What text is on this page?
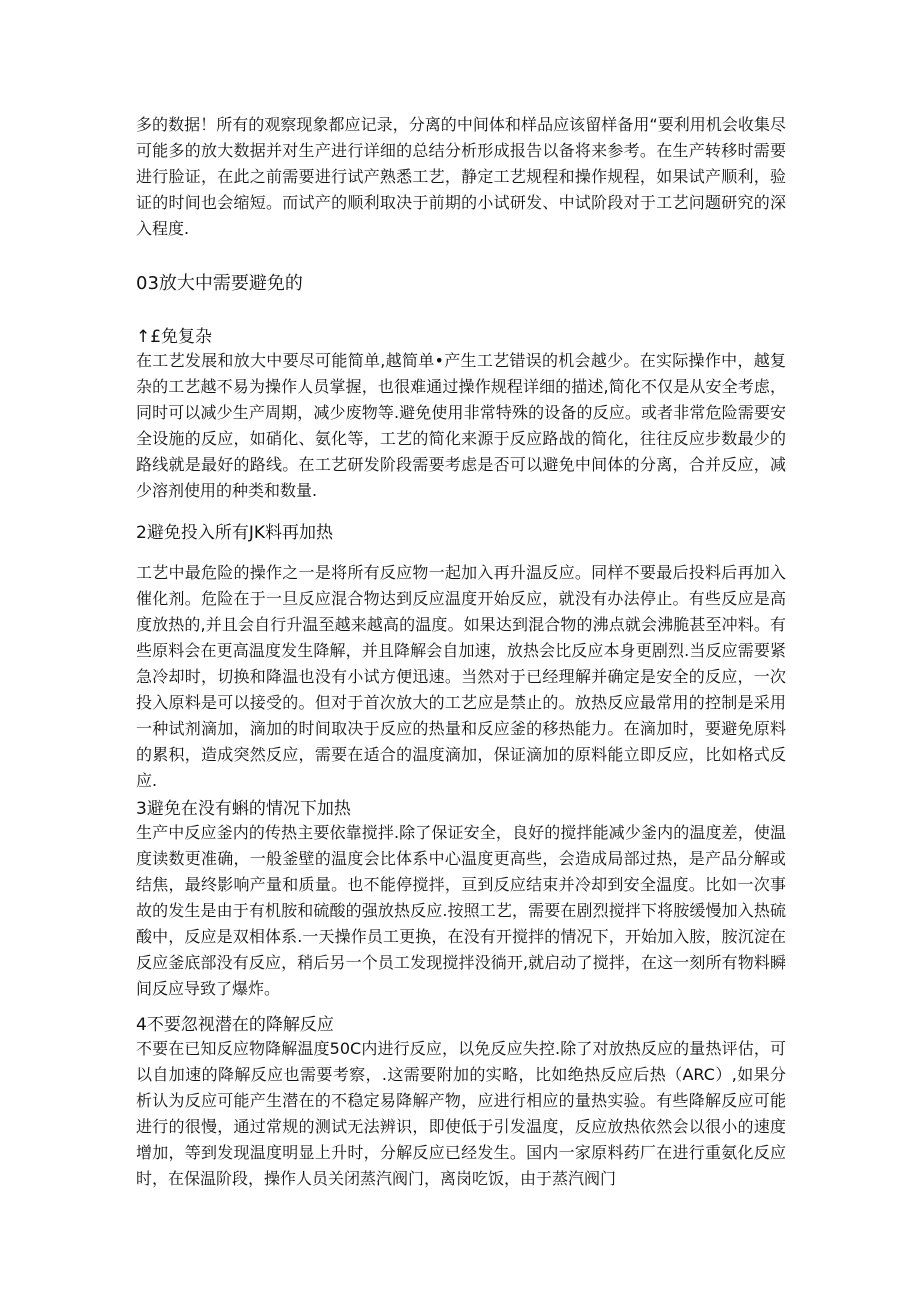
多的数据！所有的观察现象都应记录，分离的中间体和样品应该留样备用“要利用机会收集尽可能多的放大数据并对生产进行详细的总结分析形成报告以备将来参考。在生产转移时需要进行脸证，在此之前需要进行试产熟悉工艺，静定工艺规程和操作规程，如果试产顺利，验证的时间也会缩短。而试产的顺利取决于前期的小试研发、中试阶段对于工艺问题研究的深入程度.

03放大中需要避免的

↑£免复杂

在工艺发展和放大中要尽可能简单,越简单•产生工艺错误的机会越少。在实际操作中，越复杂的工艺越不易为操作人员掌握，也很难通过操作规程详细的描述,简化不仅是从安全考虑，同时可以减少生产周期，减少废物等.避免使用非常特殊的设备的反应。或者非常危险需要安全设施的反应，如硝化、氨化等，工艺的简化来源于反应路战的简化，往往反应步数最少的路线就是最好的路线。在工艺研发阶段需要考虑是否可以避免中间体的分离，合并反应，减少溶剂使用的种类和数量.

2避免投入所有JK料再加热

工艺中最危险的操作之一是将所有反应物一起加入再升温反应。同样不要最后投料后再加入催化剂。危险在于一旦反应混合物达到反应温度开始反应，就没有办法停止。有些反应是高度放热的,并且会自行升温至越来越高的温度。如果达到混合物的沸点就会沸脆甚至冲料。有些原料会在更高温度发生降解，并且降解会自加速，放热会比反应本身更剧烈.当反应需要紧急冷却时，切换和降温也没有小试方便迅速。当然对于已经理解并确定是安全的反应，一次投入原料是可以接受的。但对于首次放大的工艺应是禁止的。放热反应最常用的控制是采用一种试剂滴加，滴加的时间取决于反应的热量和反应釜的移热能力。在滴加时，要避免原料的累积，造成突然反应，需要在适合的温度滴加，保证滴加的原料能立即反应，比如格式反应.

3避免在没有蝌的情况下加热

生产中反应釜内的传热主要依靠搅拌.除了保证安全，良好的搅拌能减少釜内的温度差，使温度读数更准确，一般釜壁的温度会比体系中心温度更高些，会造成局部过热，是产品分解或结焦，最终影响产量和质量。也不能停搅拌，亘到反应结束并冷却到安全温度。比如一次事故的发生是由于有机胺和硫酸的强放热反应.按照工艺，需要在剧烈搅拌下将胺缓慢加入热硫酸中，反应是双相体系.一天操作员工更换，在没有开搅拌的情况下，开始加入胺，胺沉淀在反应釜底部没有反应，稍后另一个员工发现搅拌没徜开,就启动了搅拌，在这一刻所有物料瞬间反应导致了爆炸。

4不要忽视潜在的降解反应

不要在已知反应物降解温度50C内进行反应，以免反应失控.除了对放热反应的量热评估，可以自加速的降解反应也需要考察，.这需要附加的实略，比如绝热反应后热（ARC）,如果分析认为反应可能产生潜在的不稳定易降解产物，应进行相应的量热实验。有些降解反应可能进行的很慢，通过常规的测试无法辨识，即使低于引发温度，反应放热依然会以很小的速度增加，等到发现温度明显上升时，分解反应已经发生。国内一家原料药厂在进行重氨化反应时，在保温阶段，操作人员关闭蒸汽阀门，离岗吃饭，由于蒸汽阀门
